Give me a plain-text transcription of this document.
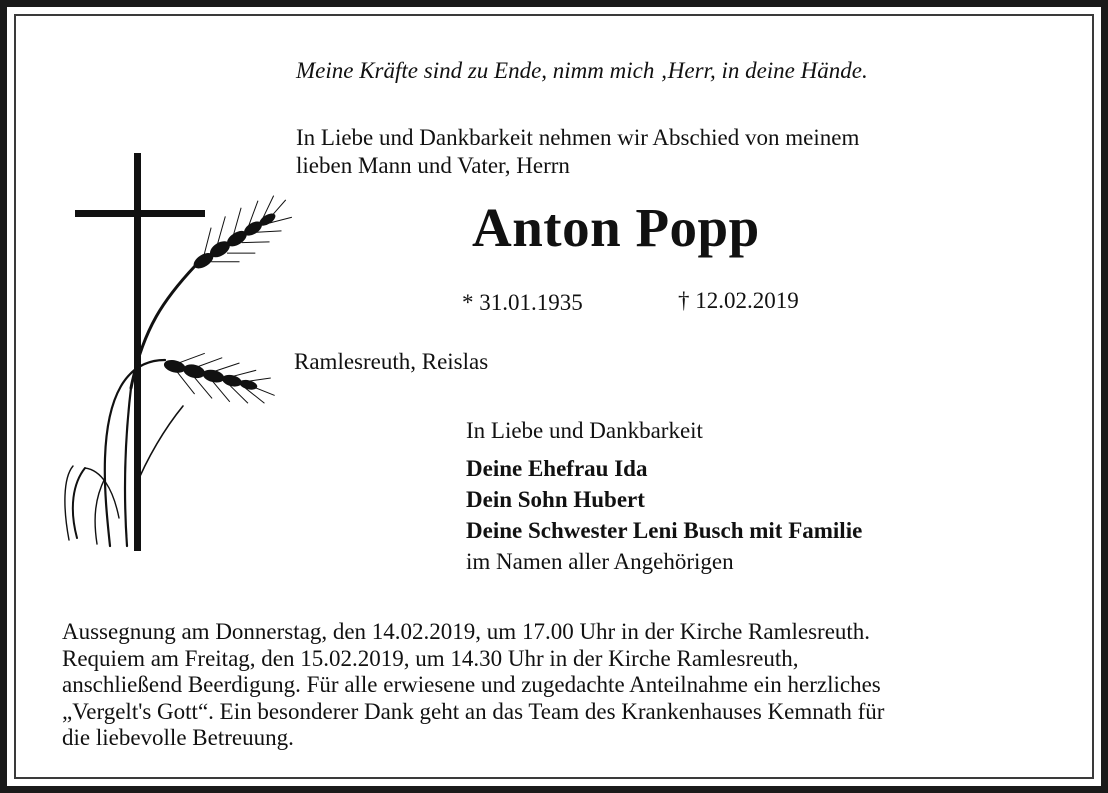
Meine Kräfte sind zu Ende, nimm mich ‚Herr, in deine Hände.

In Liebe und Dankbarkeit nehmen wir Abschied von meinem
lieben Mann und Vater, Herrn

Anton Popp

* 31.01.1935	† 12.02.2019

Ramlesreuth, Reislas

In Liebe und Dankbarkeit

Deine Ehefrau Ida

Dein Sohn Hubert

Deine Schwester Leni Busch mit Familie

im Namen aller Angehörigen

Aussegnung am Donnerstag, den 14.02.2019, um 17.00 Uhr in der Kirche Ramlesreuth.
Requiem am Freitag, den 15.02.2019, um 14.30 Uhr in der Kirche Ramlesreuth,
anschließend Beerdigung. Für alle erwiesene und zugedachte Anteilnahme ein herzliches
„Vergelt's Gott“. Ein besonderer Dank geht an das Team des Krankenhauses Kemnath für
die liebevolle Betreuung.
